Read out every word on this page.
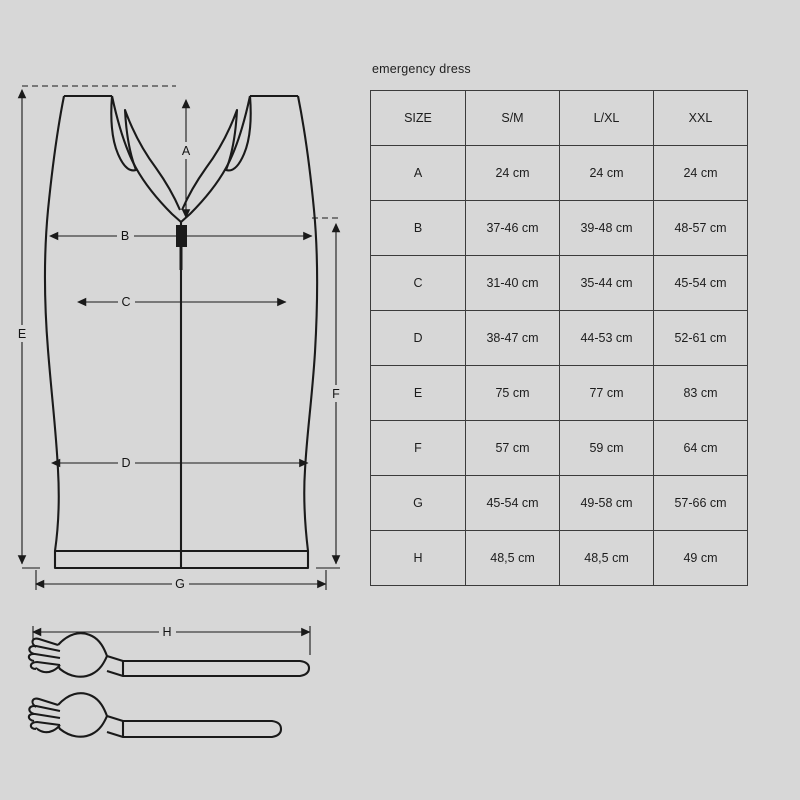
A
B
C
D
E
F
G
H
emergency dress
SIZE	S/M	L/XL	XXL
A	24 cm	24 cm	24 cm
B	37-46 cm	39-48 cm	48-57 cm
C	31-40 cm	35-44 cm	45-54 cm
D	38-47 cm	44-53 cm	52-61 cm
E	75 cm	77 cm	83 cm
F	57 cm	59 cm	64 cm
G	45-54 cm	49-58 cm	57-66 cm
H	48,5 cm	48,5 cm	49 cm
